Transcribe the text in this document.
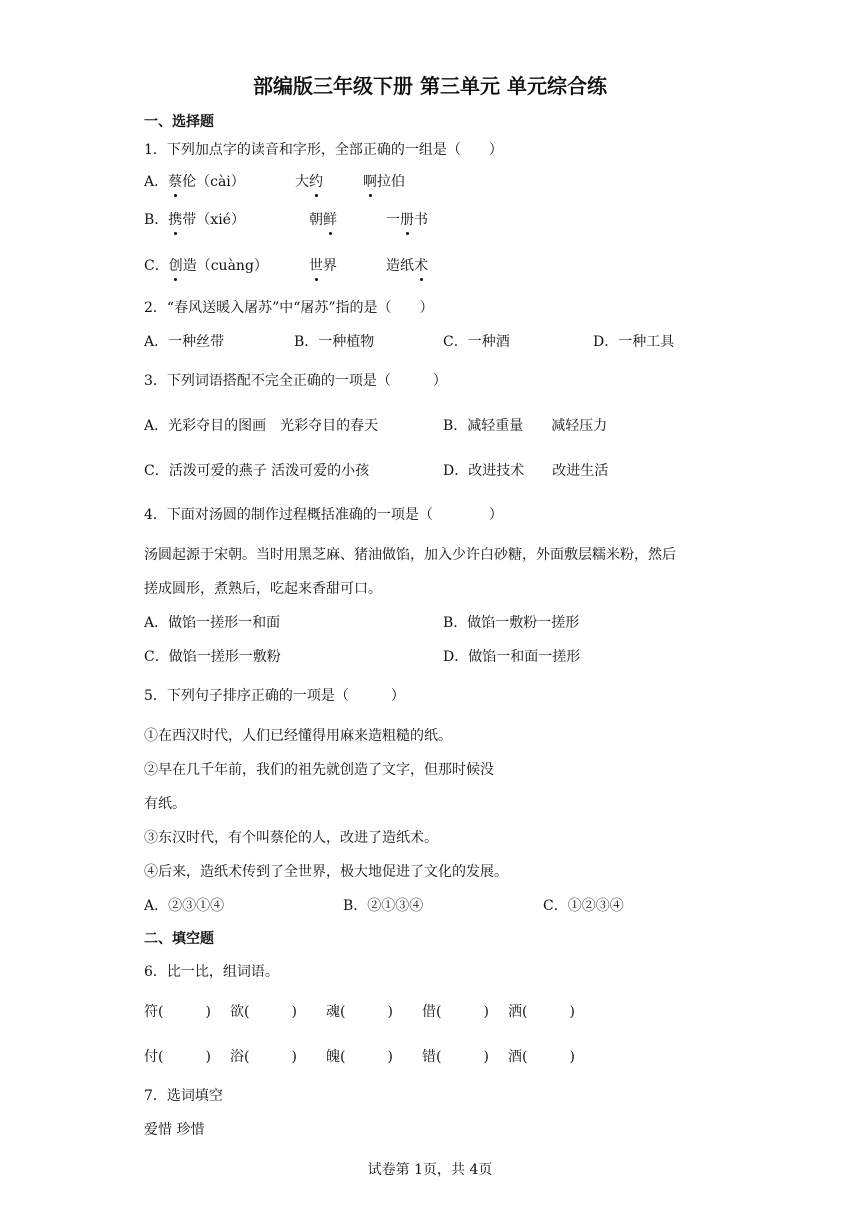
部编版三年级下册 第三单元 单元综合练
一、选择题
1．下列加点字的读音和字形，全部正确的一组是（　　）
A．蔡伦（cài）	大约	啊拉伯
B．携带（xié）	朝鲜	一册书
C．创造（cuàng）	世界	造纸术
2．“春风送暖入屠苏”中“屠苏”指的是（　　）
A．一种丝带	B．一种植物	C．一种酒	D．一种工具
3．下列词语搭配不完全正确的一项是（　　　）
A．光彩夺目的图画　光彩夺目的春天	B．减轻重量　　减轻压力
C．活泼可爱的燕子 活泼可爱的小孩	D．改进技术　　改进生活
4．下面对汤圆的制作过程概括准确的一项是（　　　　）
汤圆起源于宋朝。当时用黑芝麻、猪油做馅，加入少许白砂糖，外面敷层糯米粉，然后
搓成圆形，煮熟后，吃起来香甜可口。
A．做馅一搓形一和面	B．做馅一敷粉一搓形
C．做馅一搓形一敷粉	D．做馅一和面一搓形
5．下列句子排序正确的一项是（　　　）
①在西汉时代，人们已经懂得用麻来造粗糙的纸。
②早在几千年前，我们的祖先就创造了文字，但那时候没
有纸。
③东汉时代，有个叫蔡伦的人，改进了造纸术。
④后来，造纸术传到了全世界，极大地促进了文化的发展。
A．②③①④	B．②①③④	C．①②③④
二、填空题
6．比一比，组词语。
符(　　　) 欲(　　　) 魂(　　　) 借(　　　) 洒(　　　)
付(　　　) 浴(　　　) 魄(　　　) 错(　　　) 酒(　　　)
7．选词填空
爱惜 珍惜
试卷第 1页，共 4页
